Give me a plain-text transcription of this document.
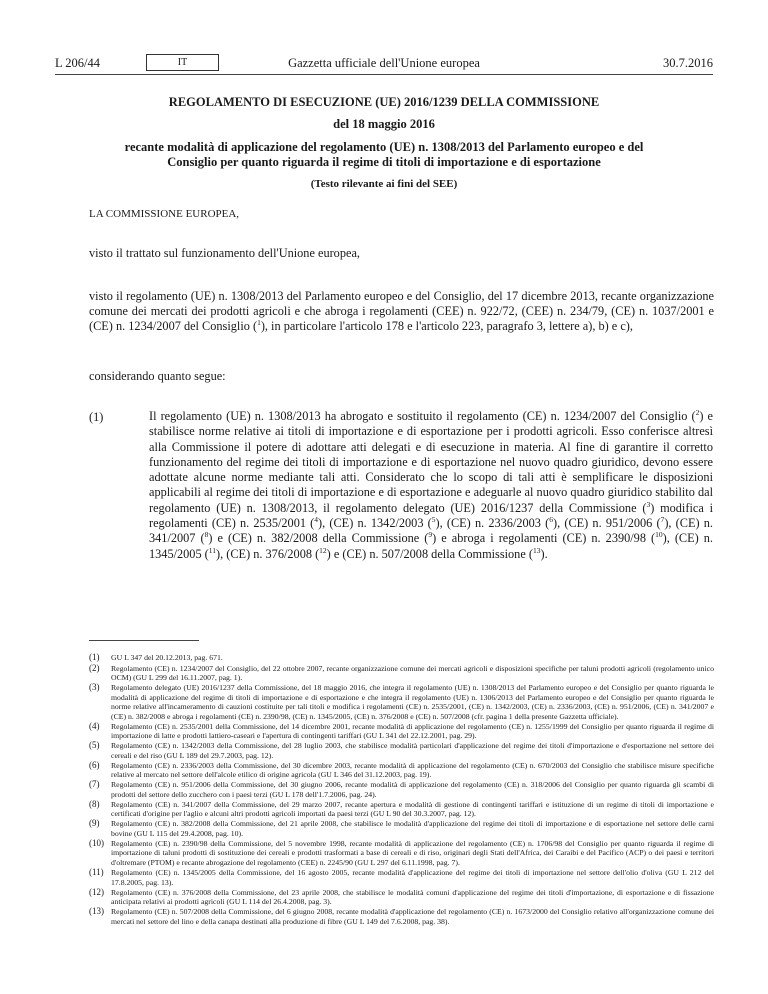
L 206/44	IT	Gazzetta ufficiale dell'Unione europea	30.7.2016
REGOLAMENTO DI ESECUZIONE (UE) 2016/1239 DELLA COMMISSIONE
del 18 maggio 2016
recante modalità di applicazione del regolamento (UE) n. 1308/2013 del Parlamento europeo e del
Consiglio per quanto riguarda il regime di titoli di importazione e di esportazione
(Testo rilevante ai fini del SEE)
LA COMMISSIONE EUROPEA,
visto il trattato sul funzionamento dell'Unione europea,
visto il regolamento (UE) n. 1308/2013 del Parlamento europeo e del Consiglio, del 17 dicembre 2013, recante organizzazione comune dei mercati dei prodotti agricoli e che abroga i regolamenti (CEE) n. 922/72, (CEE) n. 234/79, (CE) n. 1037/2001 e (CE) n. 1234/2007 del Consiglio ($^1$), in particolare l'articolo 178 e l'articolo 223, paragrafo 3, lettere a), b) e c),
considerando quanto segue:
(1)	Il regolamento (UE) n. 1308/2013 ha abrogato e sostituito il regolamento (CE) n. 1234/2007 del Consiglio ($^2$) e stabilisce norme relative ai titoli di importazione e di esportazione per i prodotti agricoli. Esso conferisce altresì alla Commissione il potere di adottare atti delegati e di esecuzione in materia. Al fine di garantire il corretto funzionamento del regime dei titoli di importazione e di esportazione nel nuovo quadro giuridico, devono essere adottate alcune norme mediante tali atti. Considerato che lo scopo di tali atti è semplificare le disposizioni applicabili al regime dei titoli di importazione e di esportazione e adeguarle al nuovo quadro giuridico stabilito dal regolamento (UE) n. 1308/2013, il regolamento delegato (UE) 2016/1237 della Commissione ($^3$) modifica i regolamenti (CE) n. 2535/2001 ($^4$), (CE) n. 1342/2003 ($^5$), (CE) n. 2336/2003 ($^6$), (CE) n. 951/2006 ($^7$), (CE) n. 341/2007 ($^8$) e (CE) n. 382/2008 della Commissione ($^9$) e abroga i regolamenti (CE) n. 2390/98 ($^{10}$), (CE) n. 1345/2005 ($^{11}$), (CE) n. 376/2008 ($^{12}$) e (CE) n. 507/2008 della Commissione ($^{13}$).
(1) GU L 347 del 20.12.2013, pag. 671.
(2) Regolamento (CE) n. 1234/2007 del Consiglio, del 22 ottobre 2007, recante organizzazione comune dei mercati agricoli e disposizioni specifiche per taluni prodotti agricoli (regolamento unico OCM) (GU L 299 del 16.11.2007, pag. 1).
(3) Regolamento delegato (UE) 2016/1237 della Commissione, del 18 maggio 2016, che integra il regolamento (UE) n. 1308/2013 del Parlamento europeo e del Consiglio per quanto riguarda le modalità di applicazione del regime di titoli di importazione e di esportazione e che integra il regolamento (UE) n. 1306/2013 del Parlamento europeo e del Consiglio per quanto riguarda le norme relative all'incameramento di cauzioni costituite per tali titoli e modifica i regolamenti (CE) n. 2535/2001, (CE) n. 1342/2003, (CE) n. 2336/2003, (CE) n. 951/2006, (CE) n. 341/2007 e (CE) n. 382/2008 e abroga i regolamenti (CE) n. 2390/98, (CE) n. 1345/2005, (CE) n. 376/2008 e (CE) n. 507/2008 (cfr. pagina 1 della presente Gazzetta ufficiale).
(4) Regolamento (CE) n. 2535/2001 della Commissione, del 14 dicembre 2001, recante modalità di applicazione del regolamento (CE) n. 1255/1999 del Consiglio per quanto riguarda il regime di importazione di latte e prodotti lattiero-caseari e l'apertura di contingenti tariffari (GU L 341 del 22.12.2001, pag. 29).
(5) Regolamento (CE) n. 1342/2003 della Commissione, del 28 luglio 2003, che stabilisce modalità particolari d'applicazione del regime dei titoli d'importazione e d'esportazione nel settore dei cereali e del riso (GU L 189 del 29.7.2003, pag. 12).
(6) Regolamento (CE) n. 2336/2003 della Commissione, del 30 dicembre 2003, recante modalità di applicazione del regolamento (CE) n. 670/2003 del Consiglio che stabilisce misure specifiche relative al mercato nel settore dell'alcole etilico di origine agricola (GU L 346 del 31.12.2003, pag. 19).
(7) Regolamento (CE) n. 951/2006 della Commissione, del 30 giugno 2006, recante modalità di applicazione del regolamento (CE) n. 318/2006 del Consiglio per quanto riguarda gli scambi di prodotti del settore dello zucchero con i paesi terzi (GU L 178 dell'1.7.2006, pag. 24).
(8) Regolamento (CE) n. 341/2007 della Commissione, del 29 marzo 2007, recante apertura e modalità di gestione di contingenti tariffari e istituzione di un regime di titoli di importazione e certificati d'origine per l'aglio e alcuni altri prodotti agricoli importati da paesi terzi (GU L 90 del 30.3.2007, pag. 12).
(9) Regolamento (CE) n. 382/2008 della Commissione, del 21 aprile 2008, che stabilisce le modalità d'applicazione del regime dei titoli di importazione e di esportazione nel settore delle carni bovine (GU L 115 del 29.4.2008, pag. 10).
(10) Regolamento (CE) n. 2390/98 della Commissione, del 5 novembre 1998, recante modalità di applicazione del regolamento (CE) n. 1706/98 del Consiglio per quanto riguarda il regime di importazione di taluni prodotti di sostituzione dei cereali e prodotti trasformati a base di cereali e di riso, originari degli Stati dell'Africa, dei Caraibi e del Pacifico (ACP) o dei paesi e territori d'oltremare (PTOM) e recante abrogazione del regolamento (CEE) n. 2245/90 (GU L 297 del 6.11.1998, pag. 7).
(11) Regolamento (CE) n. 1345/2005 della Commissione, del 16 agosto 2005, recante modalità d'applicazione del regime dei titoli di importazione nel settore dell'olio d'oliva (GU L 212 del 17.8.2005, pag. 13).
(12) Regolamento (CE) n. 376/2008 della Commissione, del 23 aprile 2008, che stabilisce le modalità comuni d'applicazione del regime dei titoli d'importazione, di esportazione e di fissazione anticipata relativi ai prodotti agricoli (GU L 114 del 26.4.2008, pag. 3).
(13) Regolamento (CE) n. 507/2008 della Commissione, del 6 giugno 2008, recante modalità d'applicazione del regolamento (CE) n. 1673/2000 del Consiglio relativo all'organizzazione comune dei mercati nel settore del lino e della canapa destinati alla produzione di fibre (GU L 149 del 7.6.2008, pag. 38).
